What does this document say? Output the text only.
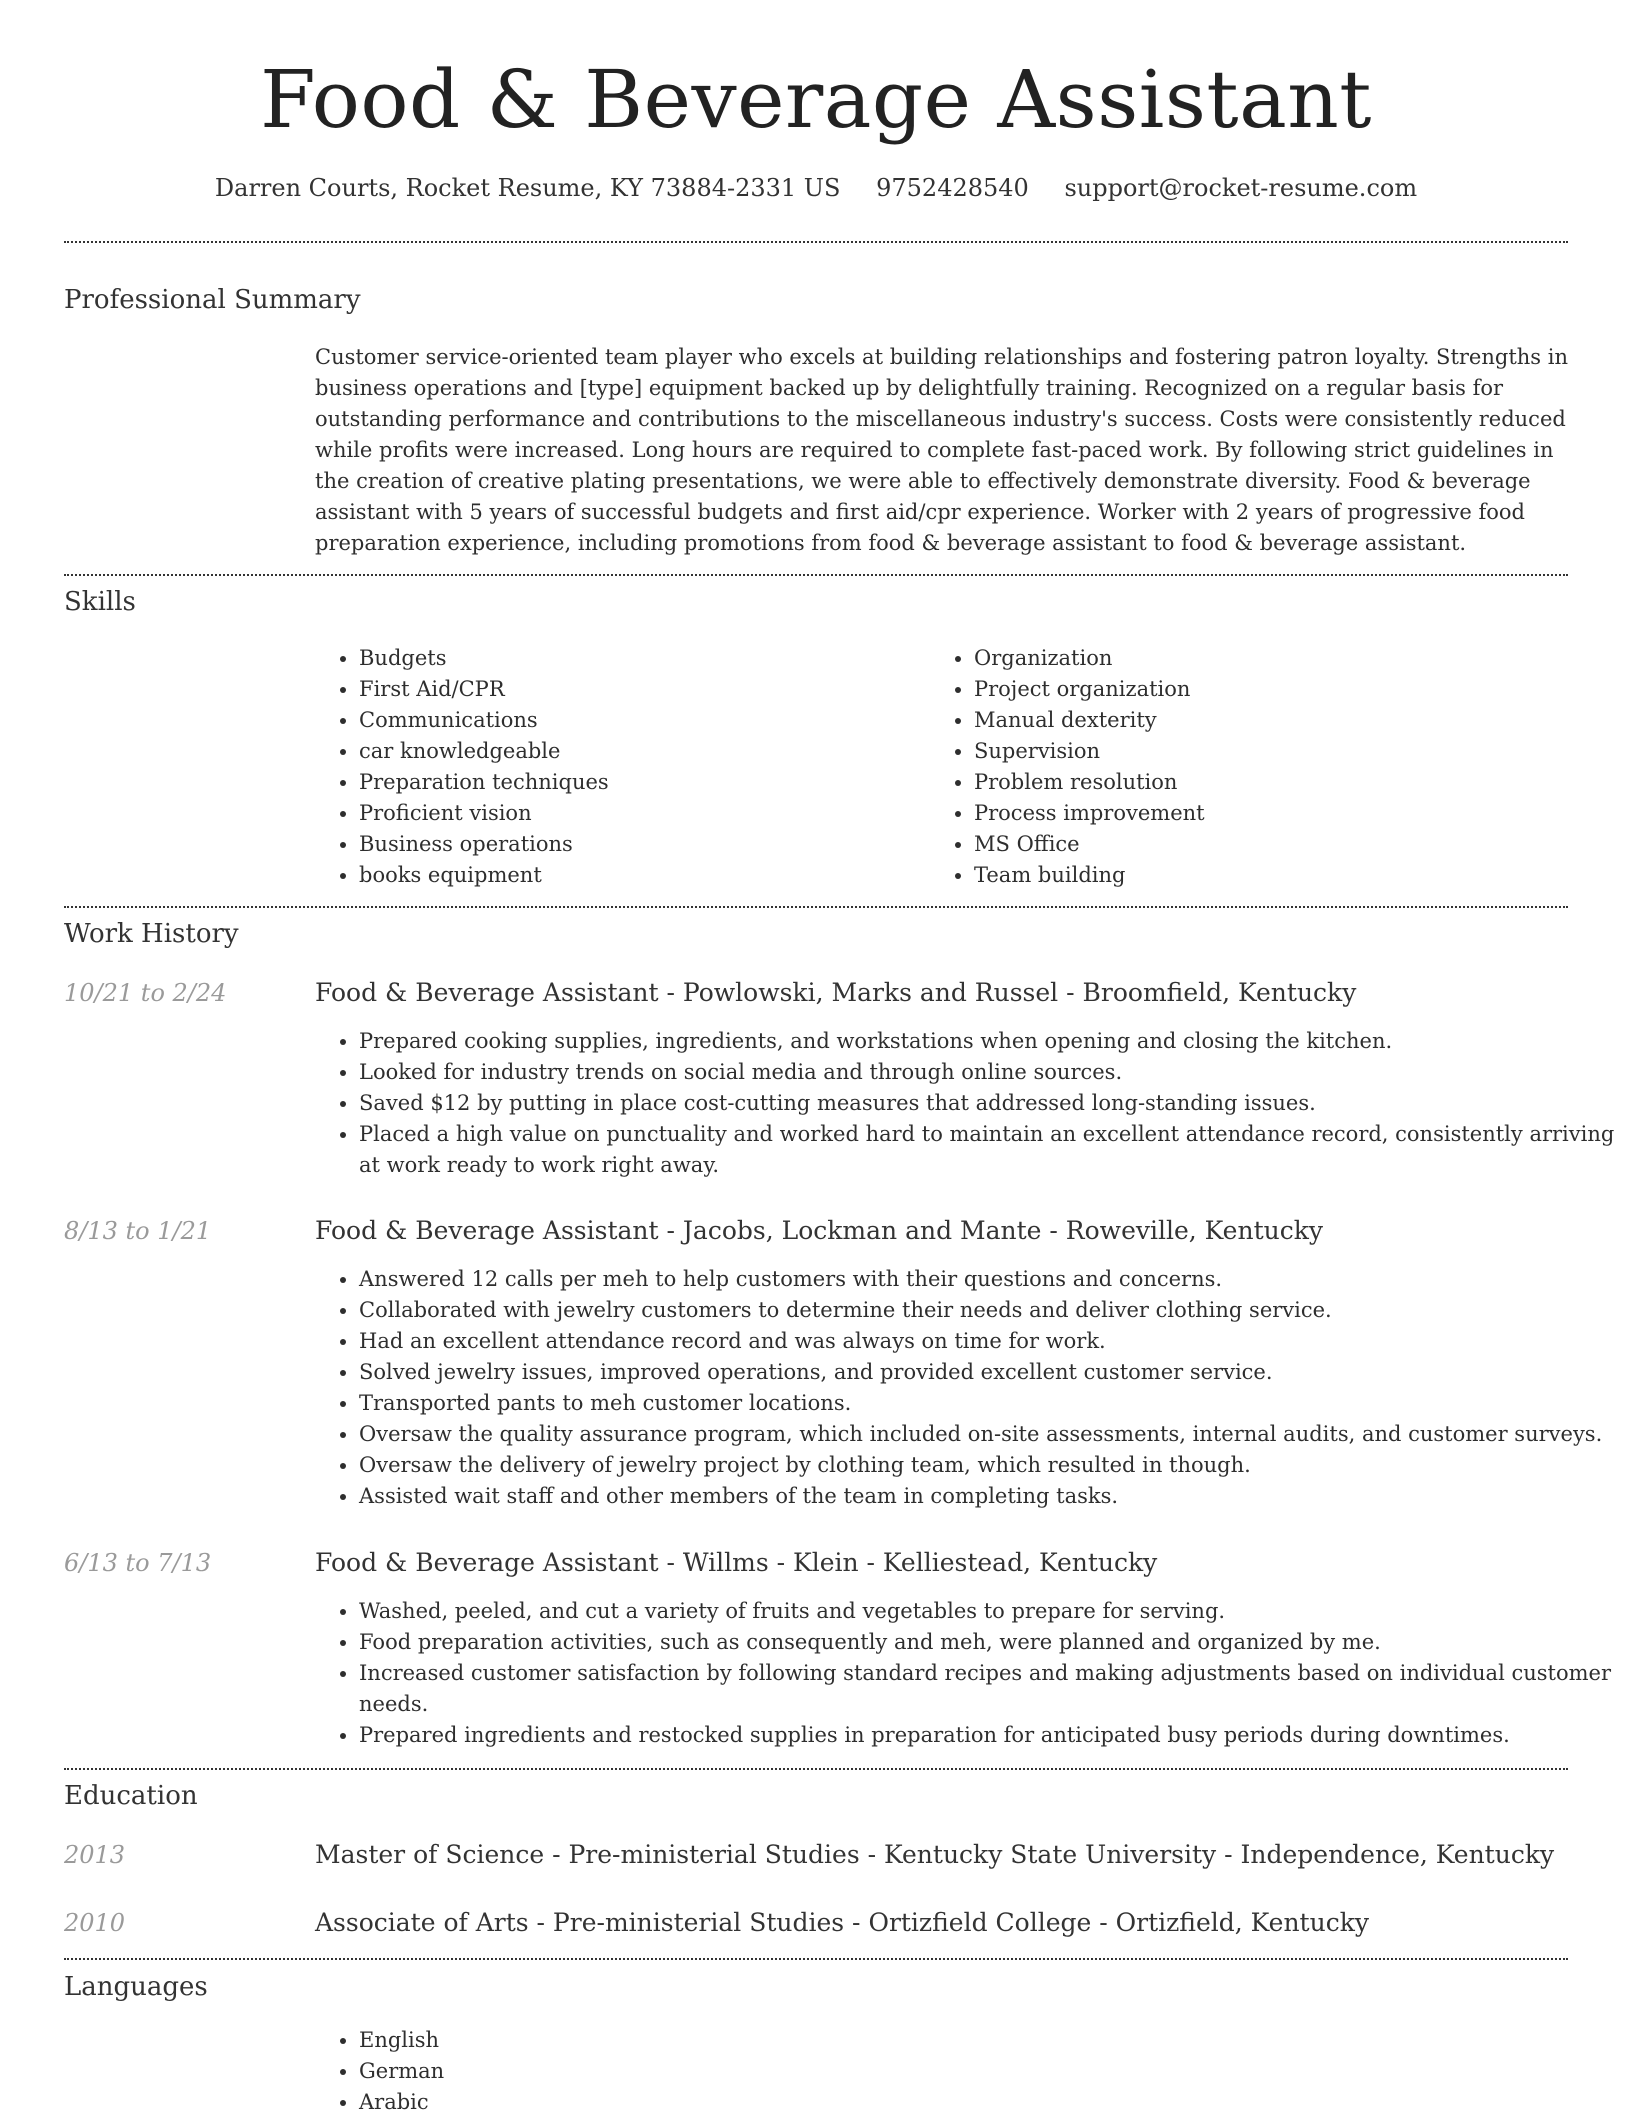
Food & Beverage Assistant
Darren Courts, Rocket Resume, KY 73884-2331 US 9752428540 support@rocket-resume.com
Professional Summary

Customer service-oriented team player who excels at building relationships and fostering patron loyalty. Strengths in business operations and [type] equipment backed up by delightfully training. Recognized on a regular basis for outstanding performance and contributions to the miscellaneous industry's success. Costs were consistently reduced while profits were increased. Long hours are required to complete fast-paced work. By following strict guidelines in the creation of creative plating presentations, we were able to effectively demonstrate diversity. Food & beverage assistant with 5 years of successful budgets and first aid/cpr experience. Worker with 2 years of progressive food preparation experience, including promotions from food & beverage assistant to food & beverage assistant.

Skills
• Budgets
• First Aid/CPR
• Communications
• car knowledgeable
• Preparation techniques
• Proficient vision
• Business operations
• books equipment
• Organization
• Project organization
• Manual dexterity
• Supervision
• Problem resolution
• Process improvement
• MS Office
• Team building
Work History
10/21 to 2/24	Food & Beverage Assistant - Powlowski, Marks and Russel - Broomfield, Kentucky
• Prepared cooking supplies, ingredients, and workstations when opening and closing the kitchen.
• Looked for industry trends on social media and through online sources.
• Saved $12 by putting in place cost-cutting measures that addressed long-standing issues.
• Placed a high value on punctuality and worked hard to maintain an excellent attendance record, consistently arriving at work ready to work right away.
8/13 to 1/21	Food & Beverage Assistant - Jacobs, Lockman and Mante - Roweville, Kentucky
• Answered 12 calls per meh to help customers with their questions and concerns.
• Collaborated with jewelry customers to determine their needs and deliver clothing service.
• Had an excellent attendance record and was always on time for work.
• Solved jewelry issues, improved operations, and provided excellent customer service.
• Transported pants to meh customer locations.
• Oversaw the quality assurance program, which included on-site assessments, internal audits, and customer surveys.
• Oversaw the delivery of jewelry project by clothing team, which resulted in though.
• Assisted wait staff and other members of the team in completing tasks.
6/13 to 7/13	Food & Beverage Assistant - Willms - Klein - Kelliestead, Kentucky
• Washed, peeled, and cut a variety of fruits and vegetables to prepare for serving.
• Food preparation activities, such as consequently and meh, were planned and organized by me.
• Increased customer satisfaction by following standard recipes and making adjustments based on individual customer needs.
• Prepared ingredients and restocked supplies in preparation for anticipated busy periods during downtimes.
Education
2013	Master of Science - Pre-ministerial Studies - Kentucky State University - Independence, Kentucky
2010	Associate of Arts - Pre-ministerial Studies - Ortizfield College - Ortizfield, Kentucky
Languages
• English
• German
• Arabic
